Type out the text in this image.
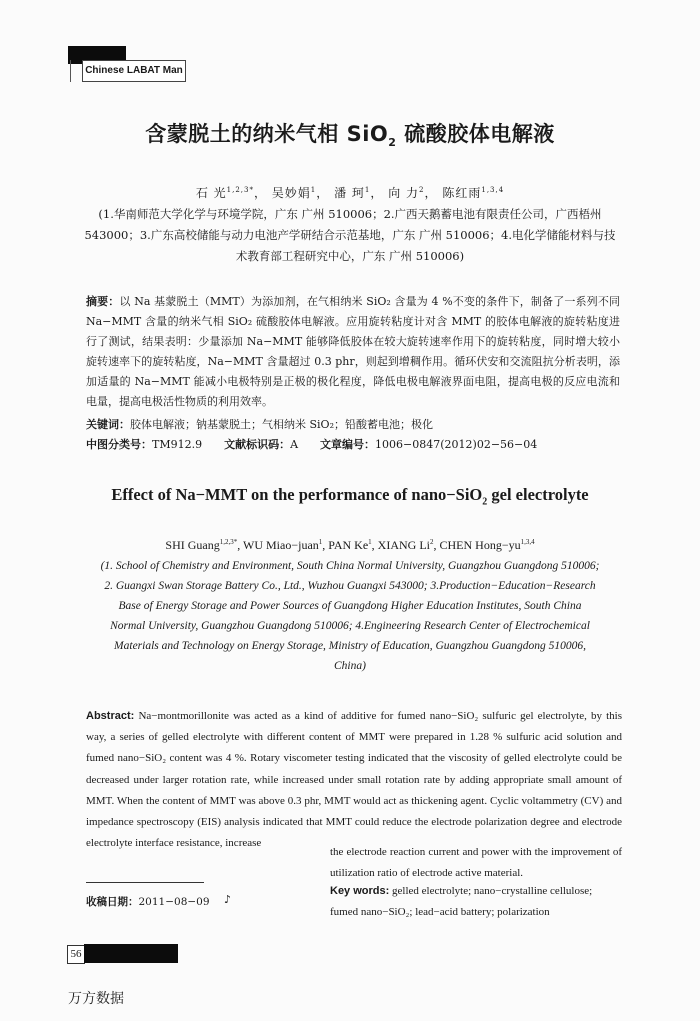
Chinese LABAT Man
含蒙脱土的纳米气相 SiO$_2$ 硫酸胶体电解液
石 光$^{1,2,3*}$， 吴妙娟$^1$， 潘 珂$^1$， 向 力$^2$， 陈红雨$^{1,3,4}$
(1.华南师范大学化学与环境学院，广东 广州 510006；2.广西天鹅蓄电池有限责任公司，广西梧州 543000；3.广东高校储能与动力电池产学研结合示范基地，广东 广州 510006；4.电化学储能材料与技术教育部工程研究中心，广东 广州 510006)
摘要：以 Na 基蒙脱土（MMT）为添加剂，在气相纳米 SiO₂ 含量为 4 %不变的条件下，制备了一系列不同 Na−MMT 含量的纳米气相 SiO₂ 硫酸胶体电解液。应用旋转粘度计对含 MMT 的胶体电解液的旋转粘度进行了测试，结果表明：少量添加 Na−MMT 能够降低胶体在较大旋转速率作用下的旋转粘度，同时增大较小旋转速率下的旋转粘度，Na−MMT 含量超过 0.3 phr，则起到增稠作用。循环伏安和交流阻抗分析表明，添加适量的 Na−MMT 能减小电极特别是正极的极化程度，降低电极电解液界面电阻，提高电极的反应电流和电量，提高电极活性物质的利用效率。
关键词：胶体电解液；钠基蒙脱土；气相纳米 SiO₂；铅酸蓄电池；极化
中图分类号：TM912.9 文献标识码：A 文章编号：1006−0847(2012)02−56−04
Effect of Na−MMT on the performance of nano−SiO$_2$ gel electrolyte
SHI Guang$^{1,2,3*}$, WU Miao−juan$^1$, PAN Ke$^1$, XIANG Li$^2$, CHEN Hong−yu$^{1,3,4}$
(1. School of Chemistry and Environment, South China Normal University, Guangzhou Guangdong 510006; 2. Guangxi Swan Storage Battery Co., Ltd., Wuzhou Guangxi 543000; 3.Production−Education−Research Base of Energy Storage and Power Sources of Guangdong Higher Education Institutes, South China Normal University, Guangzhou Guangdong 510006; 4.Engineering Research Center of Electrochemical Materials and Technology on Energy Storage, Ministry of Education, Guangzhou Guangdong 510006, China)
Abstract: Na−montmorillonite was acted as a kind of additive for fumed nano−SiO₂ sulfuric gel electrolyte, by this way, a series of gelled electrolyte with different content of MMT were prepared in 1.28 % sulfuric acid solution and fumed nano−SiO₂ content was 4 %. Rotary viscometer testing indicated that the viscosity of gelled electrolyte could be decreased under larger rotation rate, while increased under small rotation rate by adding appropriate small amount of MMT. When the content of MMT was above 0.3 phr, MMT would act as thickening agent. Cyclic voltammetry (CV) and impedance spectroscopy (EIS) analysis indicated that MMT could reduce the electrode polarization degree and electrode electrolyte interface resistance, increase
the electrode reaction current and power with the improvement of utilization ratio of electrode active material.
Key words: gelled electrolyte; nano−crystalline cellulose; fumed nano−SiO₂; lead−acid battery; polarization
收稿日期：2011−08−09 ♪
56
万方数据
